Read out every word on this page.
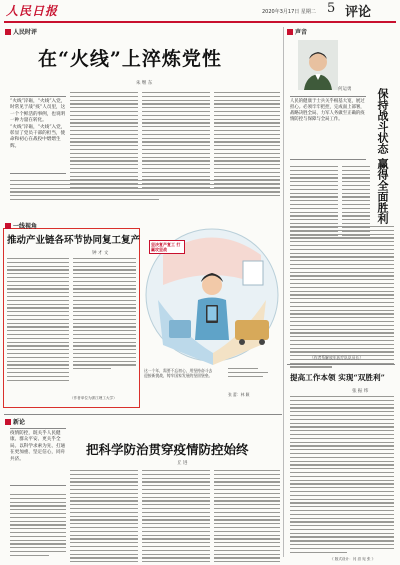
人民日报	2020年3月17日 星期二 5 评论
人民时评
在“火线”上淬炼党性
朱 继 东
“火线”淬砺，“火线”入党，时常见于战“疫”人员里，这一个个鲜活的事例，也说明一种力量在转化。
“火线”淬砺，“火线”入党，彰显了党员干部的担当，使命和初心在战役中熠熠生辉。
一线视角
推动产业链各环节协同复工复产
钟 才 文
（作者单位为浙江理工大学）
坚决复产复工 打赢攻坚战
这一个年，需要不忘初心，用坚持奋斗去迎接新挑战，铸牢国家发展的坚固堡垒。
张 蕾：林 颖
声音
何运勇 保持战斗状态 赢得全面胜利
人民的健康于士兵关乎根基大宽，展过担心。必须牢牢把控，完成面上部署，战略决胜全局、力军人务做至正确的疫情防控与保障与全局工作。
（作者系解放军医疗队队员长）
提高工作本领 实现“双胜利”
张 振 纬
《 版式设计：闫 嵩 宛 张 》
新论
把科学防治贯穿疫情防控始终
丘 进
疫情防控，既关乎人民健康、群众平安、更关乎全局。以科学求索为先、打通在更加重、坚定信心，同舟共济。
